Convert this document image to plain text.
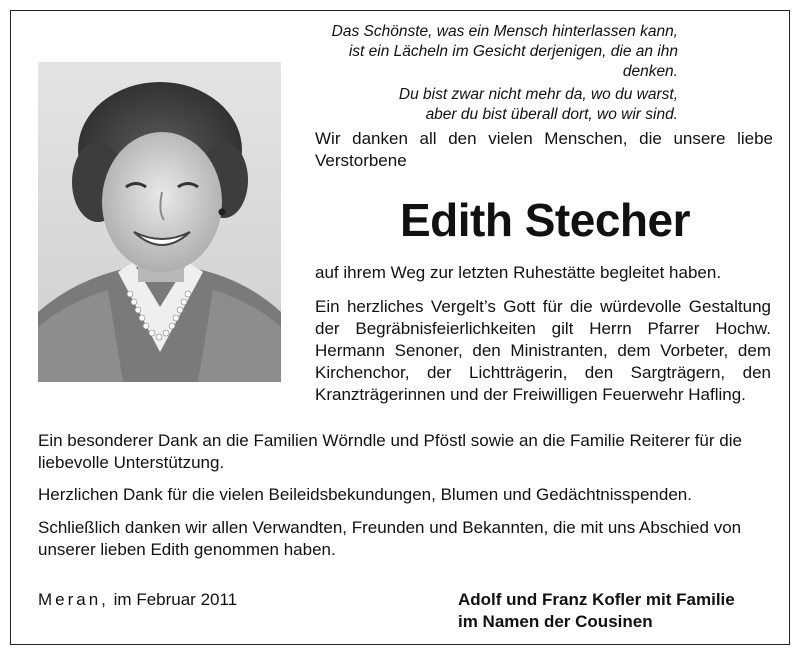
Das Schönste, was ein Mensch hinterlassen kann,
ist ein Lächeln im Gesicht derjenigen, die an ihn denken.
Du bist zwar nicht mehr da, wo du warst,
aber du bist überall dort, wo wir sind.
Wir danken all den vielen Menschen, die unsere liebe Verstorbene
Edith Stecher
auf ihrem Weg zur letzten Ruhestätte begleitet haben.
Ein herzliches Vergelt’s Gott für die würdevolle Gestaltung der Begräbnisfeierlichkeiten gilt Herrn Pfarrer Hochw. Hermann Senoner, den Ministranten, dem Vorbeter, dem Kirchenchor, der Lichtträgerin, den Sargträgern, den Kranzträgerinnen und der Freiwilligen Feuerwehr Hafling.
Ein besonderer Dank an die Familien Wörndle und Pföstl sowie an die Familie Reiterer für die liebevolle Unterstützung.
Herzlichen Dank für die vielen Beileidsbekundungen, Blumen und Gedächtnisspenden.
Schließlich danken wir allen Verwandten, Freunden und Bekannten, die mit uns Abschied von unserer lieben Edith genommen haben.
Meran, im Februar 2011	Adolf und Franz Kofler mit Familie
im Namen der Cousinen
